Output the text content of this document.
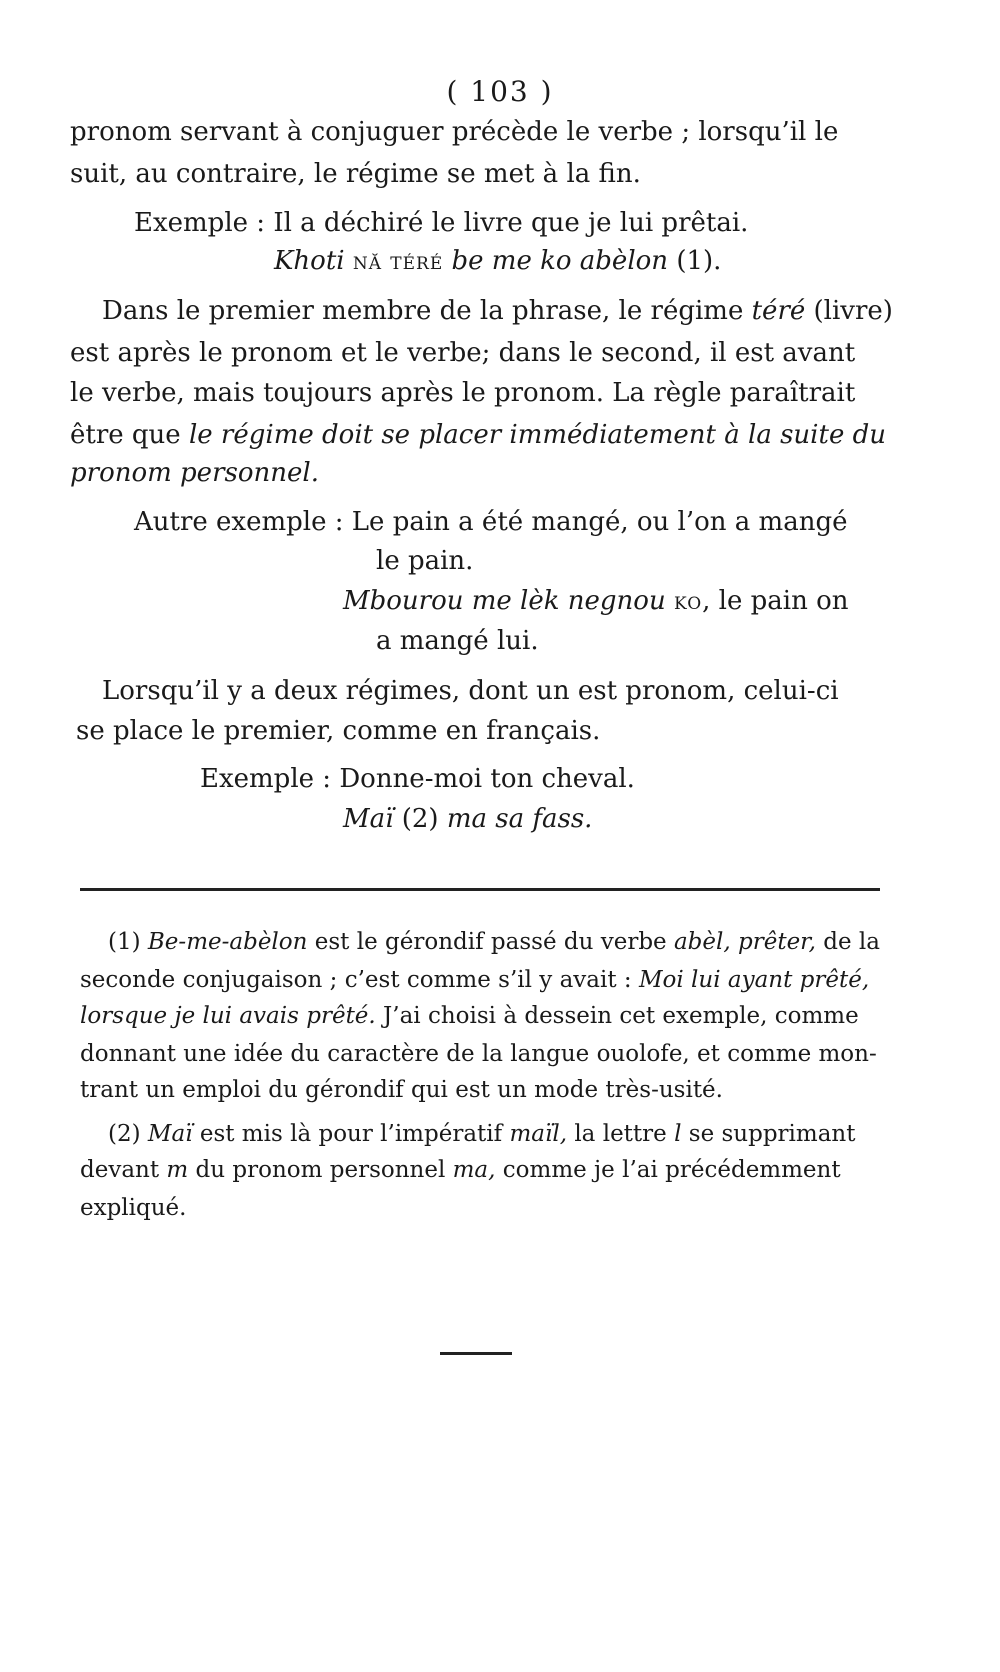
( 103 )
pronom servant à conjuguer précède le verbe ; lorsqu’il le
suit, au contraire, le régime se met à la fin.
Exemple : Il a déchiré le livre que je lui prêtai.
Khoti NĂ TÉRÉ be me ko abèlon (1).
Dans le premier membre de la phrase, le régime téré (livre)
est après le pronom et le verbe; dans le second, il est avant
le verbe, mais toujours après le pronom. La règle paraîtrait
être que le régime doit se placer immédiatement à la suite du
pronom personnel.
Autre exemple : Le pain a été mangé, ou l’on a mangé
le pain.
Mbourou me lèk negnou KO, le pain on
a mangé lui.
Lorsqu’il y a deux régimes, dont un est pronom, celui-ci
se place le premier, comme en français.
Exemple : Donne-moi ton cheval.
Maï (2) ma sa fass.
(1) Be-me-abèlon est le gérondif passé du verbe abèl, prêter, de la
seconde conjugaison ; c’est comme s’il y avait : Moi lui ayant prêté,
lorsque je lui avais prêté. J’ai choisi à dessein cet exemple, comme
donnant une idée du caractère de la langue ouolofe, et comme mon-
trant un emploi du gérondif qui est un mode très-usité.
(2) Maï est mis là pour l’impératif maïl, la lettre l se supprimant
devant m du pronom personnel ma, comme je l’ai précédemment
expliqué.
